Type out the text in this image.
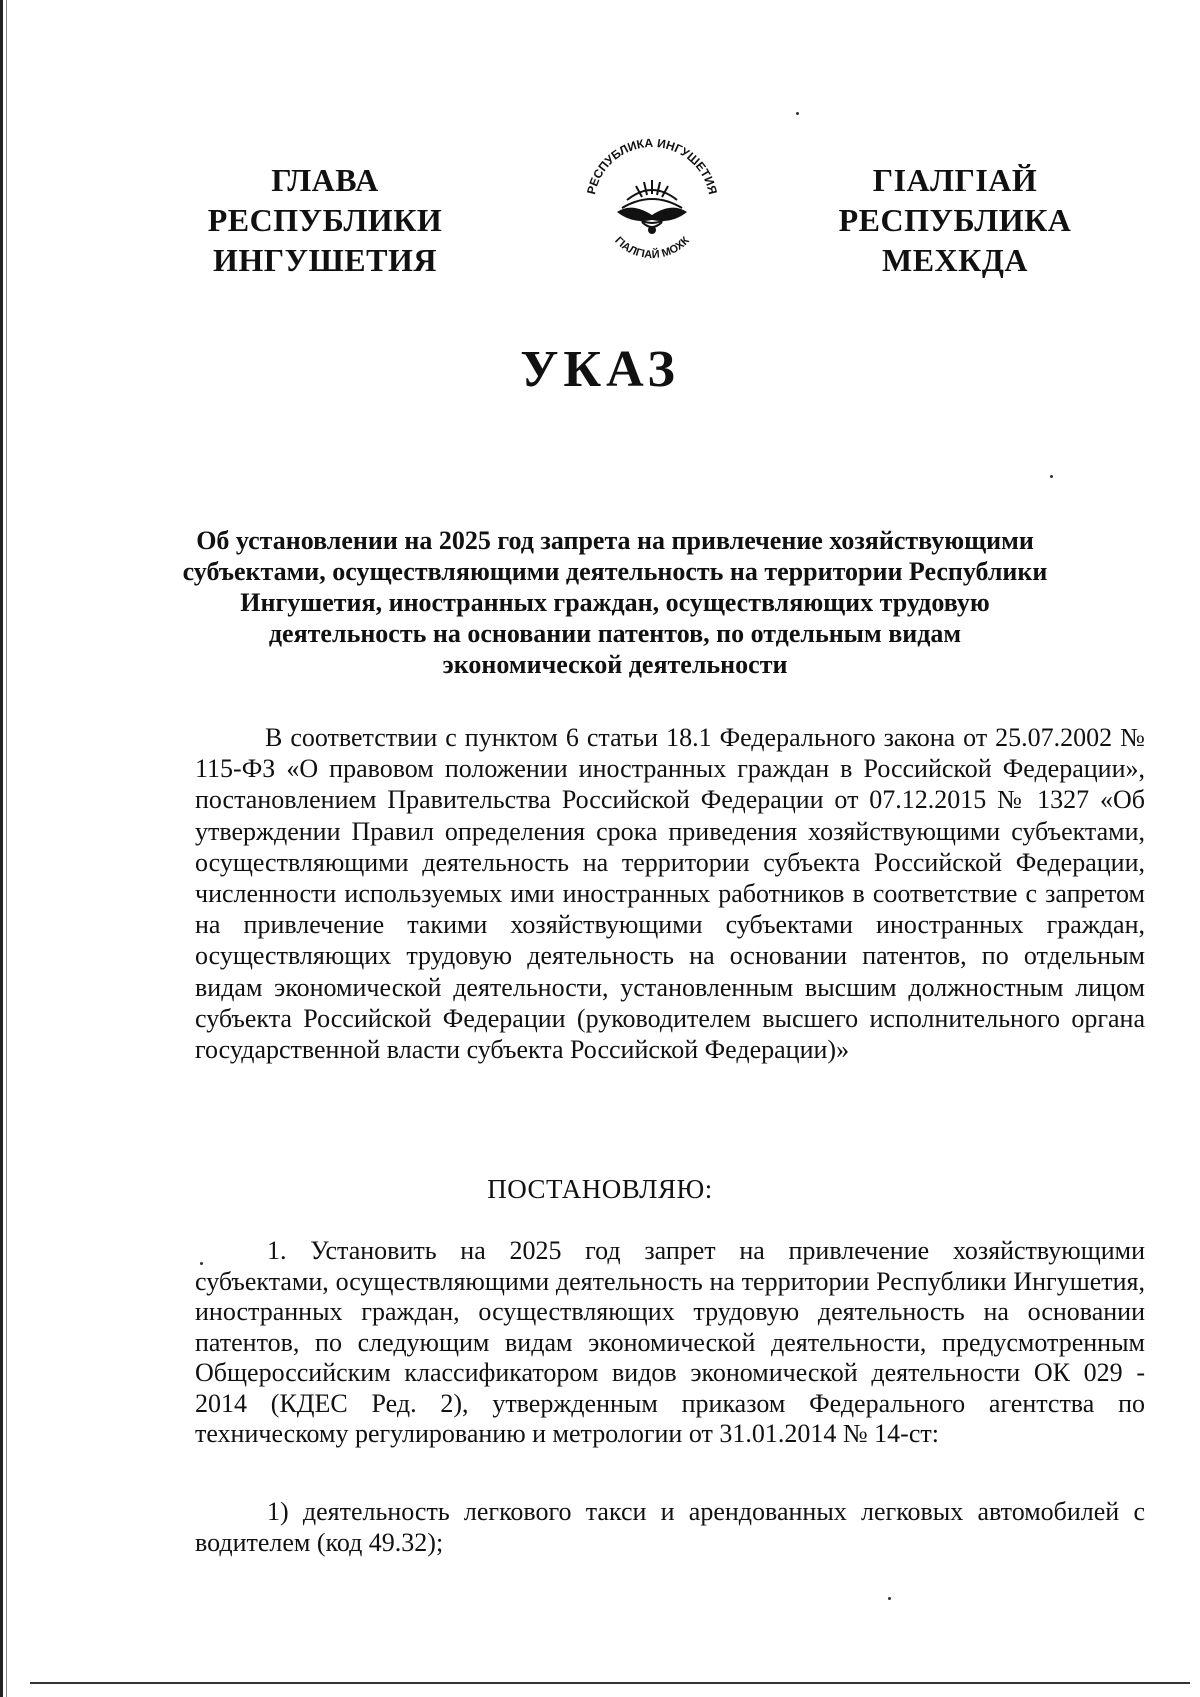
ГЛАВА
РЕСПУБЛИКИ
ИНГУШЕТИЯ
РЕСПУБЛИКА ИНГУШЕТИЯ
ГIАЛГIАЙ МОХК
ГIАЛГIАЙ
РЕСПУБЛИКА
МЕХКДА
УКАЗ
Об установлении на 2025 год запрета на привлечение хозяйствующими
субъектами, осуществляющими деятельность на территории Республики
Ингушетия, иностранных граждан, осуществляющих трудовую
деятельность на основании патентов, по отдельным видам
экономической деятельности
В соответствии с пунктом 6 статьи 18.1 Федерального закона от 25.07.2002 № 115-ФЗ «О правовом положении иностранных граждан в Российской Федерации», постановлением Правительства Российской Федерации от 07.12.2015 № 1327 «Об утверждении Правил определения срока приведения хозяйствующими субъектами, осуществляющими деятельность на территории субъекта Российской Федерации, численности используемых ими иностранных работников в соответствие с запретом на привлечение такими хозяйствующими субъектами иностранных граждан, осуществляющих трудовую деятельность на основании патентов, по отдельным видам экономической деятельности, установленным высшим должностным лицом субъекта Российской Федерации (руководителем высшего исполнительного органа государственной власти субъекта Российской Федерации)»
ПОСТАНОВЛЯЮ:
1. Установить на 2025 год запрет на привлечение хозяйствующими субъектами, осуществляющими деятельность на территории Республики Ингушетия, иностранных граждан, осуществляющих трудовую деятельность на основании патентов, по следующим видам экономической деятельности, предусмотренным Общероссийским классификатором видов экономической деятельности ОК 029 - 2014 (КДЕС Ред. 2), утвержденным приказом Федерального агентства по техническому регулированию и метрологии от 31.01.2014 № 14-ст:
1) деятельность легкового такси и арендованных легковых автомобилей с водителем (код 49.32);
